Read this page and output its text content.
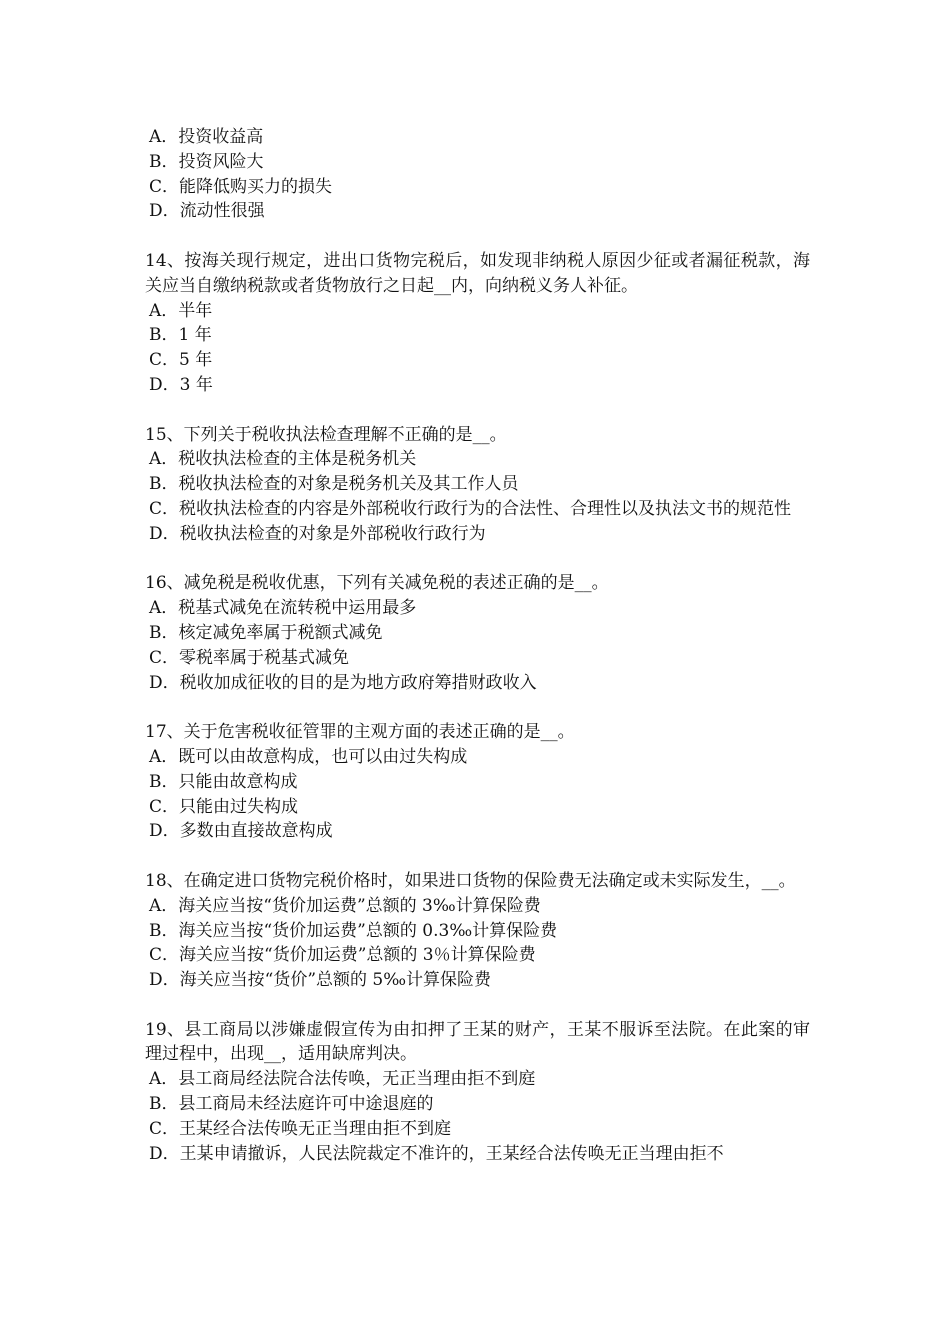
A．投资收益高
B．投资风险大
C．能降低购买力的损失
D．流动性很强
14、按海关现行规定，进出口货物完税后，如发现非纳税人原因少征或者漏征税款，海关应当自缴纳税款或者货物放行之日起__内，向纳税义务人补征。
A．半年
B．1 年
C．5 年
D．3 年
15、下列关于税收执法检查理解不正确的是__。
A．税收执法检查的主体是税务机关
B．税收执法检查的对象是税务机关及其工作人员
C．税收执法检查的内容是外部税收行政行为的合法性、合理性以及执法文书的规范性
D．税收执法检查的对象是外部税收行政行为
16、减免税是税收优惠，下列有关减免税的表述正确的是__。
A．税基式减免在流转税中运用最多
B．核定减免率属于税额式减免
C．零税率属于税基式减免
D．税收加成征收的目的是为地方政府筹措财政收入
17、关于危害税收征管罪的主观方面的表述正确的是__。
A．既可以由故意构成，也可以由过失构成
B．只能由故意构成
C．只能由过失构成
D．多数由直接故意构成
18、在确定进口货物完税价格时，如果进口货物的保险费无法确定或未实际发生，__。
A．海关应当按“货价加运费”总额的 3‰计算保险费
B．海关应当按“货价加运费”总额的 0.3‰计算保险费
C．海关应当按“货价加运费”总额的 3％计算保险费
D．海关应当按“货价”总额的 5‰计算保险费
19、县工商局以涉嫌虚假宣传为由扣押了王某的财产，王某不服诉至法院。在此案的审理过程中，出现__，适用缺席判决。
A．县工商局经法院合法传唤，无正当理由拒不到庭
B．县工商局未经法庭许可中途退庭的
C．王某经合法传唤无正当理由拒不到庭
D．王某申请撤诉，人民法院裁定不准许的，王某经合法传唤无正当理由拒不
